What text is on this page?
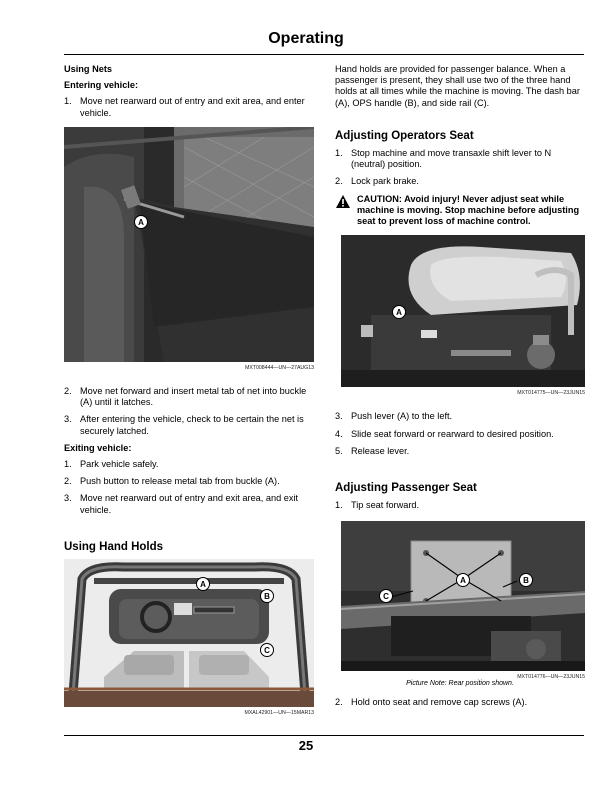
Operating
Using Nets
Entering vehicle:
1. Move net rearward out of entry and exit area, and enter vehicle.
A
MXT008444—UN—27AUG13
2. Move net forward and insert metal tab of net into buckle (A) until it latches.
3. After entering the vehicle, check to be certain the net is securely latched.
Exiting vehicle:
1. Park vehicle safely.
2. Push button to release metal tab from buckle (A).
3. Move net rearward out of entry and exit area, and exit vehicle.
Using Hand Holds
A
B
C
MXAL42901—UN—15MAR13
Hand holds are provided for passenger balance. When a passenger is present, they shall use two of the three hand holds at all times while the machine is moving. The dash bar (A), OPS handle (B), and side rail (C).
Adjusting Operators Seat
1. Stop machine and move transaxle shift lever to N (neutral) position.
2. Lock park brake.
CAUTION: Avoid injury! Never adjust seat while machine is moving. Stop machine before adjusting seat to prevent loss of machine control.
A
MXT014775—UN—23JUN15
3. Push lever (A) to the left.
4. Slide seat forward or rearward to desired position.
5. Release lever.
Adjusting Passenger Seat
1. Tip seat forward.
A	B
C
MXT014776—UN—23JUN15
Picture Note: Rear position shown.
2. Hold onto seat and remove cap screws (A).
25
